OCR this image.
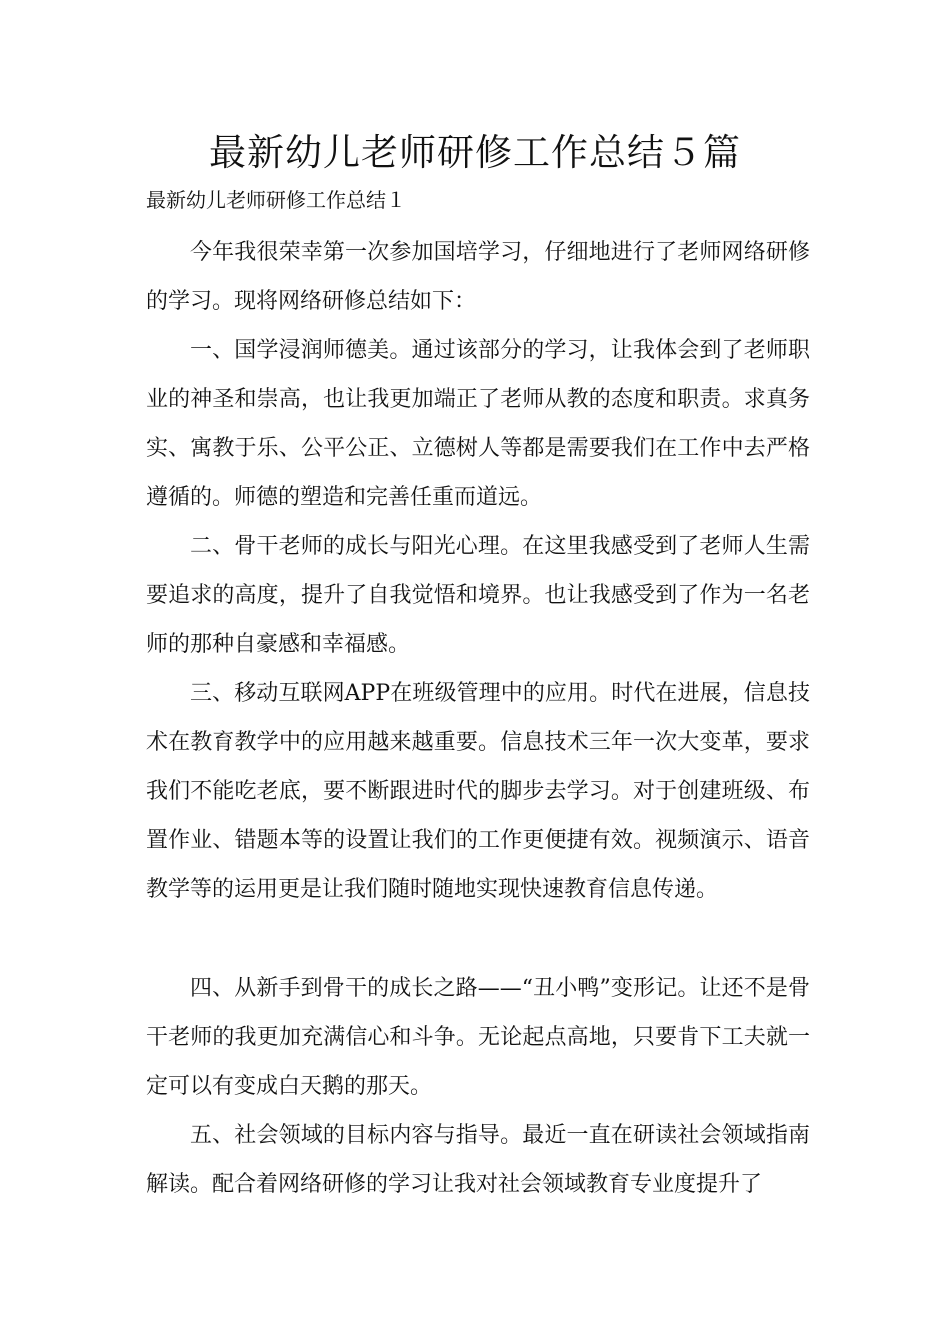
最新幼儿老师研修工作总结５篇
最新幼儿老师研修工作总结１

今年我很荣幸第一次参加国培学习，仔细地进行了老师网络研修的学习。现将网络研修总结如下：

一、国学浸润师德美。通过该部分的学习，让我体会到了老师职业的神圣和崇高，也让我更加端正了老师从教的态度和职责。求真务实、寓教于乐、公平公正、立德树人等都是需要我们在工作中去严格遵循的。师德的塑造和完善任重而道远。

二、骨干老师的成长与阳光心理。在这里我感受到了老师人生需要追求的高度，提升了自我觉悟和境界。也让我感受到了作为一名老师的那种自豪感和幸福感。

三、移动互联网APP在班级管理中的应用。时代在进展，信息技术在教育教学中的应用越来越重要。信息技术三年一次大变革，要求我们不能吃老底，要不断跟进时代的脚步去学习。对于创建班级、布置作业、错题本等的设置让我们的工作更便捷有效。视频演示、语音教学等的运用更是让我们随时随地实现快速教育信息传递。

四、从新手到骨干的成长之路——“丑小鸭”变形记。让还不是骨干老师的我更加充满信心和斗争。无论起点高地，只要肯下工夫就一定可以有变成白天鹅的那天。

五、社会领域的目标内容与指导。最近一直在研读社会领域指南解读。配合着网络研修的学习让我对社会领域教育专业度提升了
